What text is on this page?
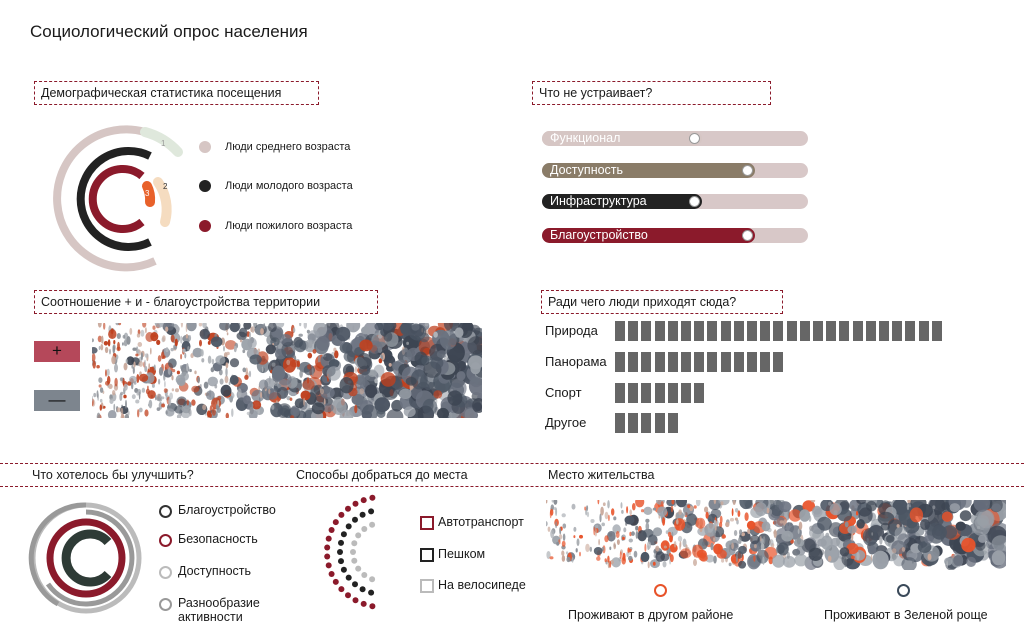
Социологический опрос населения
Демографическая статистика посещения
1
2
3
Люди среднего возраста
Люди молодого возраста
Люди пожилого возраста
Что не устраивает?
Функционал
Доступность
Инфраструктура
Благоустройство
Соотношение + и - благоустройства территории
+
—
Ради чего люди приходят сюда?
Природа
Панорама
Спорт
Другое
Что хотелось бы улучшить?	Способы добраться до места	Место жительства
Благоустройство
Безопасность
Доступность
Разнообразие
активности
Автотранспорт
Пешком
На велосипеде
Проживают в другом районе	Проживают в Зеленой роще
